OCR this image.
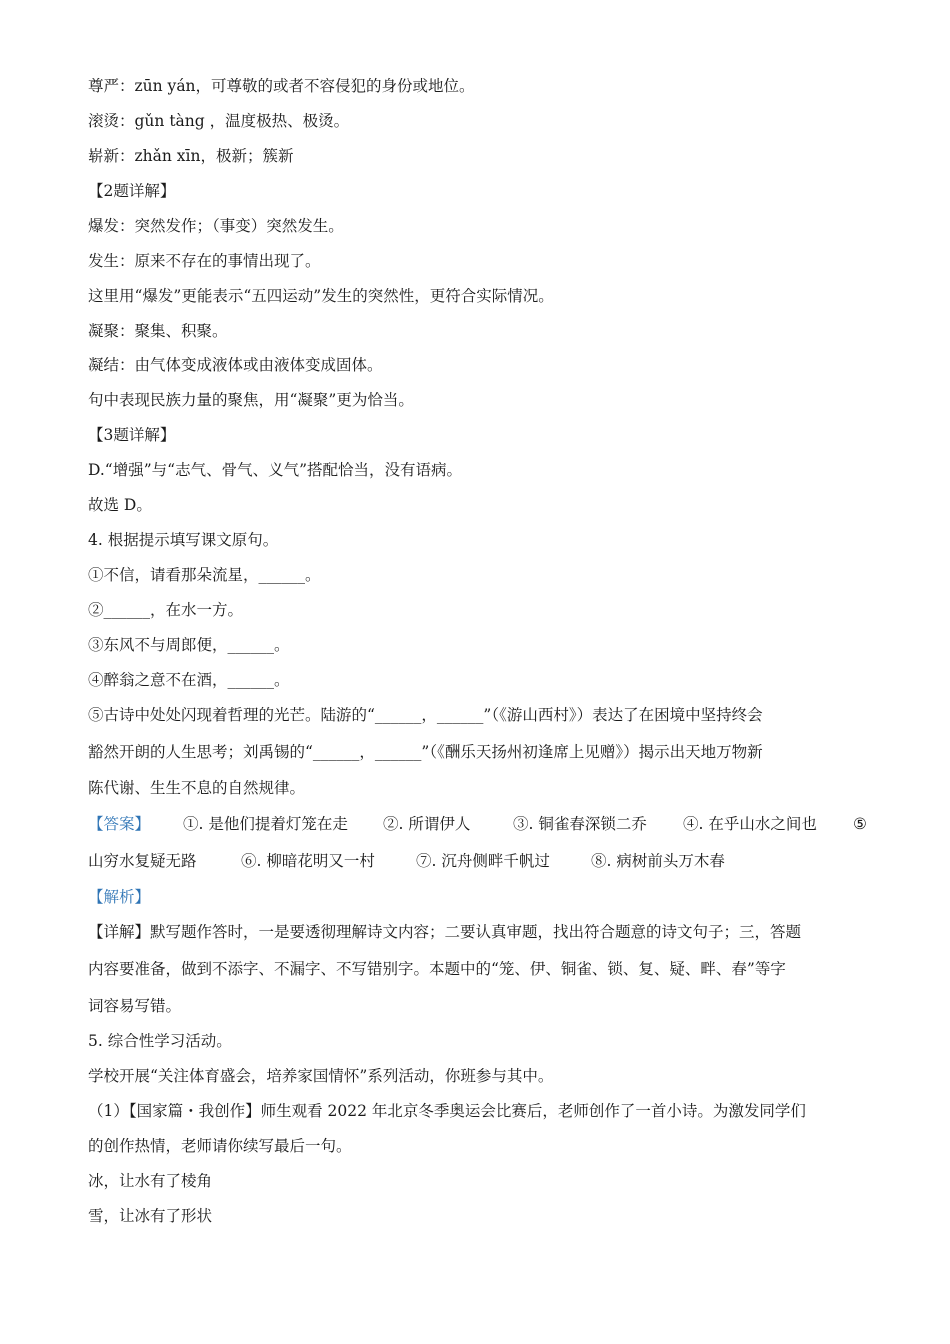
尊严：zūn yán，可尊敬的或者不容侵犯的身份或地位。

滚烫：gǔn tàng ，温度极热、极烫。

崭新：zhǎn xīn，极新；簇新

【2题详解】

爆发：突然发作；（事变）突然发生。

发生：原来不存在的事情出现了。

这里用“爆发”更能表示“五四运动”发生的突然性，更符合实际情况。

凝聚：聚集、积聚。

凝结：由气体变成液体或由液体变成固体。

句中表现民族力量的聚焦，用“凝聚”更为恰当。

【3题详解】

D.“增强”与“志气、骨气、义气”搭配恰当，没有语病。

故选 D。

4. 根据提示填写课文原句。

①不信，请看那朵流星，______。

②______，在水一方。

③东风不与周郎便，______。

④醉翁之意不在酒，______。

⑤古诗中处处闪现着哲理的光芒。陆游的“______，______”（《游山西村》）表达了在困境中坚持终会

豁然开朗的人生思考；刘禹锡的“______，______”（《酬乐天扬州初逢席上见赠》）揭示出天地万物新

陈代谢、生生不息的自然规律。

【答案】	①. 是他们提着灯笼在走	②. 所谓伊人	③. 铜雀春深锁二乔	④. 在乎山水之间也	⑤
山穷水复疑无路	⑥. 柳暗花明又一村	⑦. 沉舟侧畔千帆过	⑧. 病树前头万木春

【解析】

【详解】默写题作答时，一是要透彻理解诗文内容；二要认真审题，找出符合题意的诗文句子；三，答题

内容要准备，做到不添字、不漏字、不写错别字。本题中的“笼、伊、铜雀、锁、复、疑、畔、春”等字

词容易写错。

5. 综合性学习活动。

学校开展“关注体育盛会，培养家国情怀”系列活动，你班参与其中。

（1）【国家篇・我创作】师生观看 2022 年北京冬季奥运会比赛后，老师创作了一首小诗。为激发同学们

的创作热情，老师请你续写最后一句。

冰，让水有了棱角

雪，让冰有了形状
